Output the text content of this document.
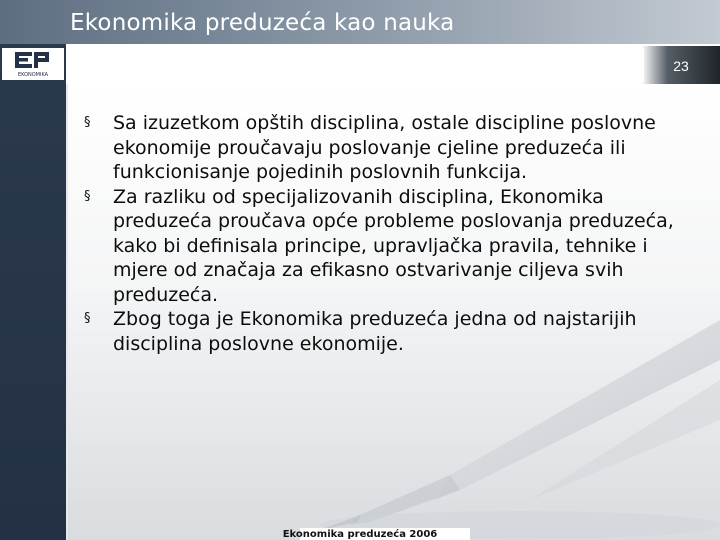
Ekonomika preduzeća kao nauka
EKONOMIKA
23
§ Sa izuzetkom opštih disciplina, ostale discipline poslovne ekonomije proučavaju poslovanje cjeline preduzeća ili funkcionisanje pojedinih poslovnih funkcija.
§ Za razliku od specijalizovanih disciplina, Ekonomika preduzeća proučava opće probleme poslovanja preduzeća, kako bi definisala principe, upravljačka pravila, tehnike i mjere od značaja za efikasno ostvarivanje ciljeva svih preduzeća.
§ Zbog toga je Ekonomika preduzeća jedna od najstarijih disciplina poslovne ekonomije.
Ekonomika preduzeća 2006
